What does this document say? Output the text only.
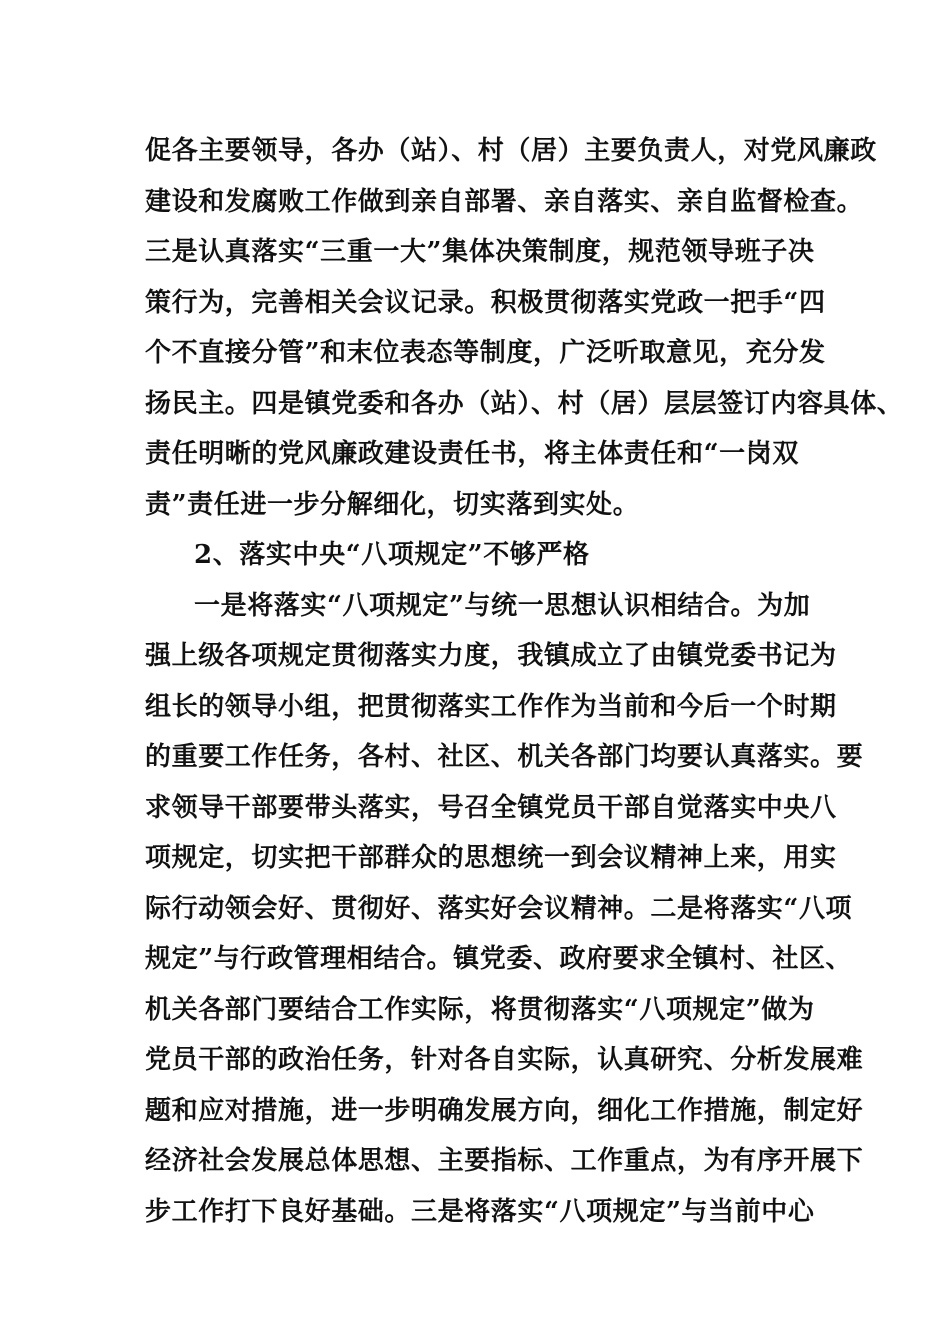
促各主要领导，各办（站）、村（居）主要负责人，对党风廉政
建设和发腐败工作做到亲自部署、亲自落实、亲自监督检查。
三是认真落实“三重一大”集体决策制度，规范领导班子决
策行为，完善相关会议记录。积极贯彻落实党政一把手“四
个不直接分管”和末位表态等制度，广泛听取意见，充分发
扬民主。四是镇党委和各办（站）、村（居）层层签订内容具体、
责任明晰的党风廉政建设责任书，将主体责任和“一岗双
责”责任进一步分解细化，切实落到实处。
2、落实中央“八项规定”不够严格
一是将落实“八项规定”与统一思想认识相结合。为加
强上级各项规定贯彻落实力度，我镇成立了由镇党委书记为
组长的领导小组，把贯彻落实工作作为当前和今后一个时期
的重要工作任务，各村、社区、机关各部门均要认真落实。要
求领导干部要带头落实，号召全镇党员干部自觉落实中央八
项规定，切实把干部群众的思想统一到会议精神上来，用实
际行动领会好、贯彻好、落实好会议精神。二是将落实“八项
规定”与行政管理相结合。镇党委、政府要求全镇村、社区、
机关各部门要结合工作实际，将贯彻落实“八项规定”做为
党员干部的政治任务，针对各自实际，认真研究、分析发展难
题和应对措施，进一步明确发展方向，细化工作措施，制定好
经济社会发展总体思想、主要指标、工作重点，为有序开展下
步工作打下良好基础。三是将落实“八项规定”与当前中心
